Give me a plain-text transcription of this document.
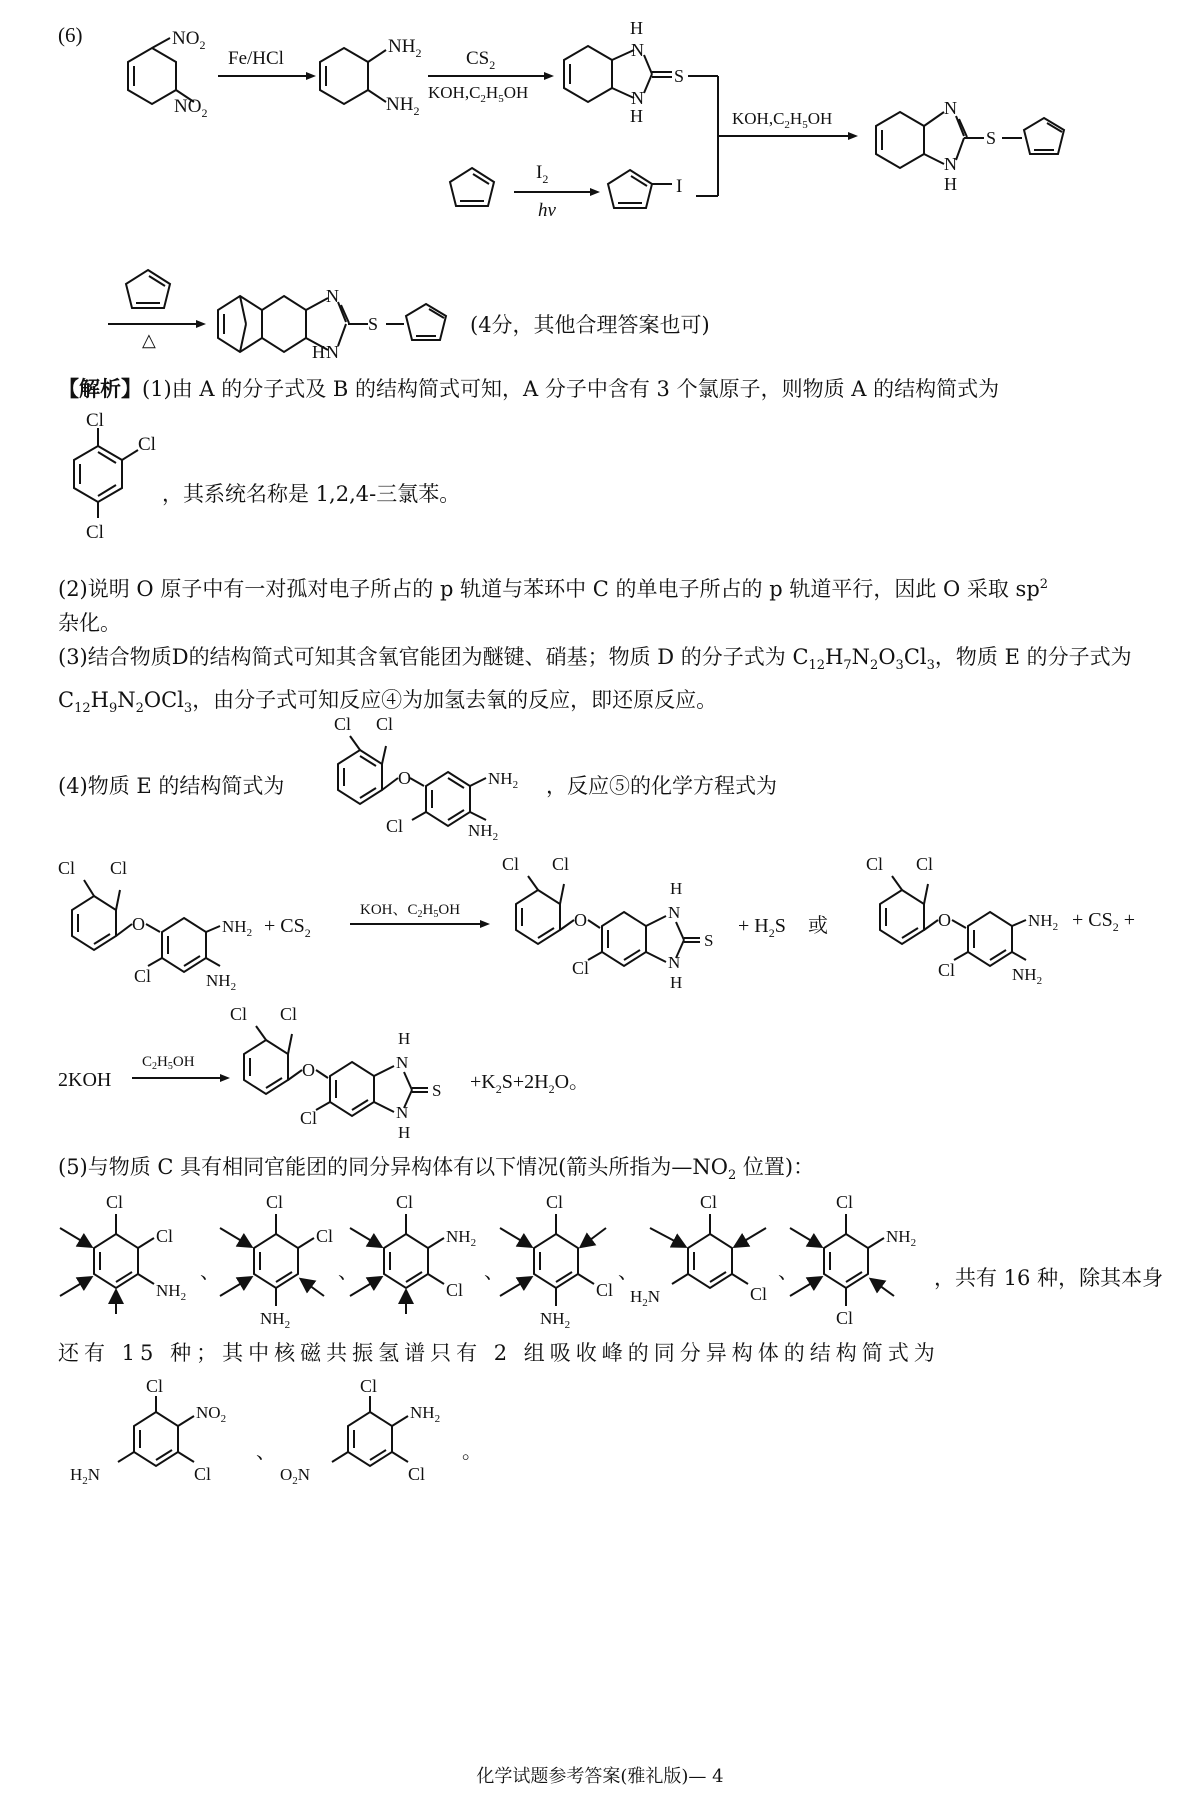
(6)	$NO_2$
$NO_2$
Fe/HCl
$NH_2$
$NH_2$
$CS_2$
$KOH,C_2H_5OH$
H
N
N
H
S
$KOH,C_2H_5OH$
N
N
H
S
$I_2$
hν
I
△
N
N
H
S	(4分，其他合理答案也可)
【解析】(1)由 A 的分子式及 B 的结构简式可知，A 分子中含有 3 个氯原子，则物质 A 的结构简式为
Cl
Cl
Cl
，其系统名称是 1,2,4-三氯苯。
(2)说明 O 原子中有一对孤对电子所占的 p 轨道与苯环中 C 的单电子所占的 p 轨道平行，因此 O 采取 $sp^2$
杂化。
(3)结合物质D的结构简式可知其含氧官能团为醚键、硝基；物质 D 的分子式为 $C_{12}H_7N_2O_3Cl_3$，物质 E 的分子式为 $C_{12}H_9N_2OCl_3$，由分子式可知反应④为加氢去氧的反应，即还原反应。
(4)物质 E 的结构简式为
Cl Cl
O	$NH_2$
$NH_2$
Cl
，反应⑤的化学方程式为
Cl Cl
O	$NH_2 + CS_2$
Cl	$NH_2$
KOH、$C_2H_5OH$
Cl Cl
O
H
N
N
H
S
Cl
+ $H_2S$ 或
Cl Cl
O	$NH_2 + CS_2$ +
Cl	$NH_2$
2KOH
$C_2H_5OH$
Cl Cl
O
H
N
N
H
S
Cl
$+K_2S+2H_2O$。
(5)与物质 C 具有相同官能团的同分异构体有以下情况(箭头所指为$—NO_2$ 位置)：
Cl
Cl
$NH_2$
、
Cl
Cl
$NH_2$
、
Cl
$NH_2$
Cl
、
Cl
Cl
$NH_2$
、
Cl
Cl
$H_2N$
、
Cl
$NH_2$
Cl
，共有 16 种，除其本身
还有 15 种；其中核磁共振氢谱只有 2 组吸收峰的同分异构体的结构简式为
Cl
$NO_2$
Cl
$H_2N$
、
Cl
$NH_2$
Cl
$O_2N$
。
化学试题参考答案(雅礼版)— 4
